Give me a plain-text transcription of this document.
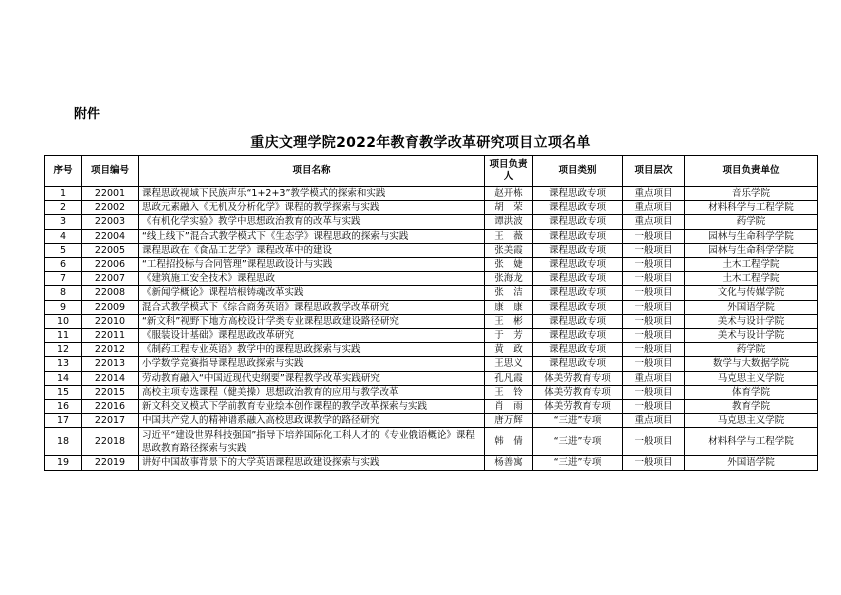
附件
重庆文理学院2022年教育教学改革研究项目立项名单
序号	项目编号	项目名称	项目负责人	项目类别	项目层次	项目负责单位
1	22001	课程思政视域下民族声乐“1+2+3”教学模式的探索和实践	赵开栋	课程思政专项	重点项目	音乐学院
2	22002	思政元素融入《无机及分析化学》课程的教学探索与实践	胡　荣	课程思政专项	重点项目	材料科学与工程学院
3	22003	《有机化学实验》教学中思想政治教育的改革与实践	谭洪波	课程思政专项	重点项目	药学院
4	22004	“线上线下”混合式教学模式下《生态学》课程思政的探索与实践	王　薇	课程思政专项	一般项目	园林与生命科学学院
5	22005	课程思政在《食品工艺学》课程改革中的建设	张美霞	课程思政专项	一般项目	园林与生命科学学院
6	22006	“工程招投标与合同管理”课程思政设计与实践	张　婕	课程思政专项	一般项目	土木工程学院
7	22007	《建筑施工安全技术》课程思政	张海龙	课程思政专项	一般项目	土木工程学院
8	22008	《新闻学概论》课程培根铸魂改革实践	张　洁	课程思政专项	一般项目	文化与传媒学院
9	22009	混合式教学模式下《综合商务英语》课程思政教学改革研究	康　康	课程思政专项	一般项目	外国语学院
10	22010	“新文科”视野下地方高校设计学类专业课程思政建设路径研究	王　彬	课程思政专项	一般项目	美术与设计学院
11	22011	《服装设计基础》课程思政改革研究	于　芳	课程思政专项	一般项目	美术与设计学院
12	22012	《制药工程专业英语》教学中的课程思政探索与实践	黄　政	课程思政专项	一般项目	药学院
13	22013	小学数学竞赛指导课程思政探索与实践	王思义	课程思政专项	一般项目	数学与大数据学院
14	22014	劳动教育融入“中国近现代史纲要”课程教学改革实践研究	孔凡霞	体美劳教育专项	重点项目	马克思主义学院
15	22015	高校主项专选课程（健美操）思想政治教育的应用与教学改革	王　铃	体美劳教育专项	一般项目	体育学院
16	22016	新文科交叉模式下学前教育专业绘本创作课程的教学改革探索与实践	肖　雨	体美劳教育专项	一般项目	教育学院
17	22017	中国共产党人的精神谱系融入高校思政课教学的路径研究	唐万辉	“三进”专项	重点项目	马克思主义学院
18	22018	习近平“建设世界科技强国”指导下培养国际化工科人才的《专业俄语概论》课程思政教育路径探索与实践	韩　倩	“三进”专项	一般项目	材料科学与工程学院
19	22019	讲好中国故事背景下的大学英语课程思政建设探索与实践	杨善寓	“三进”专项	一般项目	外国语学院
